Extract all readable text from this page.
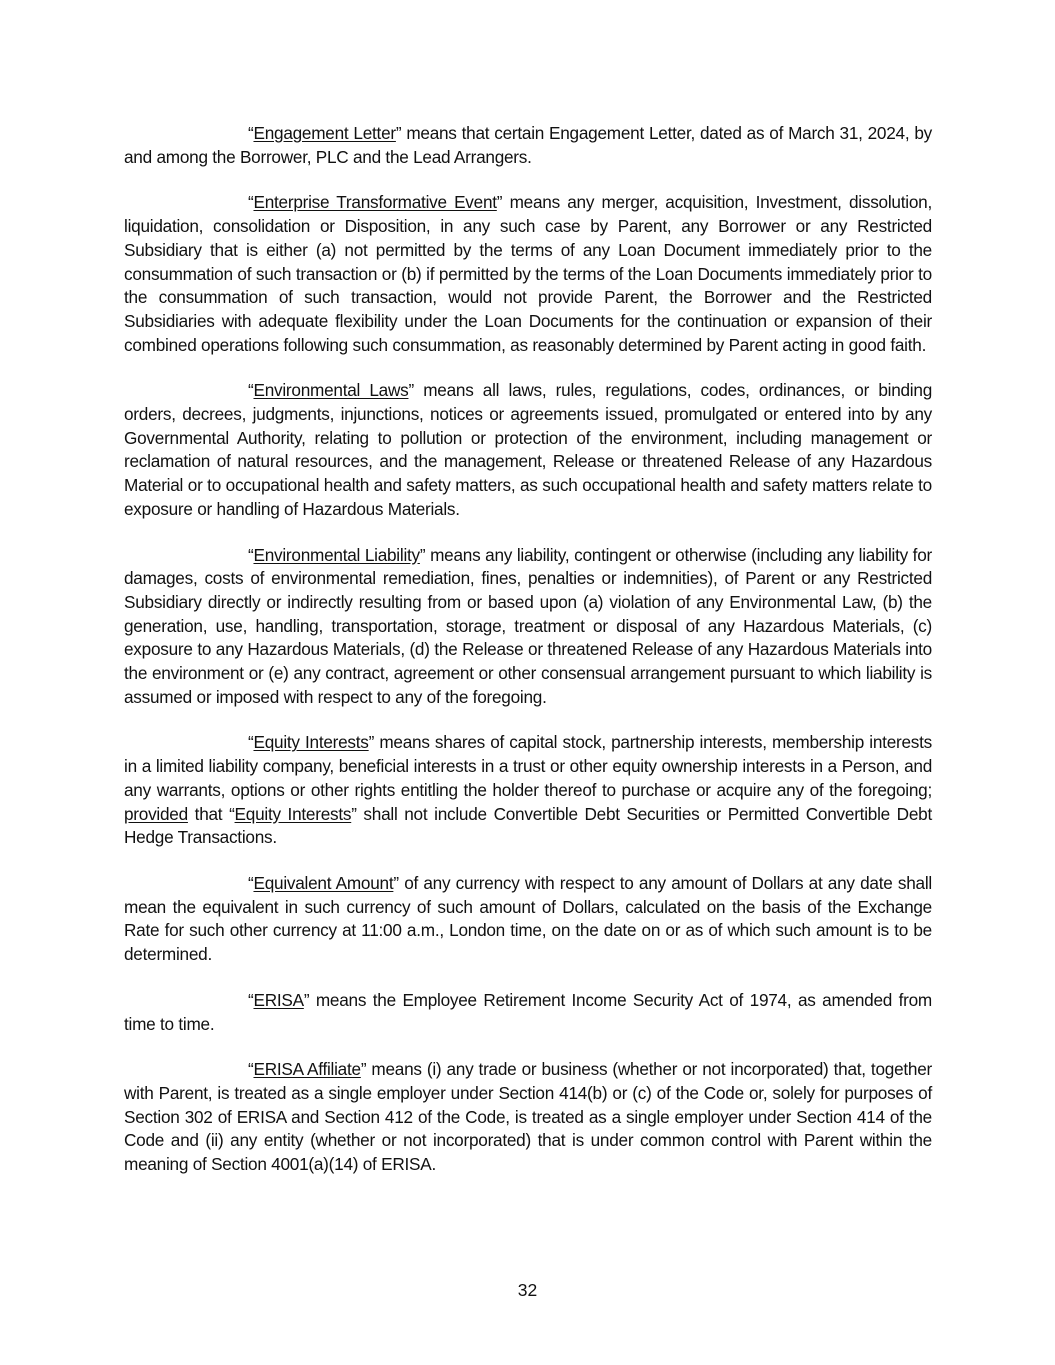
“Engagement Letter” means that certain Engagement Letter, dated as of March 31, 2024, by and among the Borrower, PLC and the Lead Arrangers.

“Enterprise Transformative Event” means any merger, acquisition, Investment, dissolution, liquidation, consolidation or Disposition, in any such case by Parent, any Borrower or any Restricted Subsidiary that is either (a) not permitted by the terms of any Loan Document immediately prior to the consummation of such transaction or (b) if permitted by the terms of the Loan Documents immediately prior to the consummation of such transaction, would not provide Parent, the Borrower and the Restricted Subsidiaries with adequate flexibility under the Loan Documents for the continuation or expansion of their combined operations following such consummation, as reasonably determined by Parent acting in good faith.

“Environmental Laws” means all laws, rules, regulations, codes, ordinances, or binding orders, decrees, judgments, injunctions, notices or agreements issued, promulgated or entered into by any Governmental Authority, relating to pollution or protection of the environment, including management or reclamation of natural resources, and the management, Release or threatened Release of any Hazardous Material or to occupational health and safety matters, as such occupational health and safety matters relate to exposure or handling of Hazardous Materials.

“Environmental Liability” means any liability, contingent or otherwise (including any liability for damages, costs of environmental remediation, fines, penalties or indemnities), of Parent or any Restricted Subsidiary directly or indirectly resulting from or based upon (a) violation of any Environmental Law, (b) the generation, use, handling, transportation, storage, treatment or disposal of any Hazardous Materials, (c) exposure to any Hazardous Materials, (d) the Release or threatened Release of any Hazardous Materials into the environment or (e) any contract, agreement or other consensual arrangement pursuant to which liability is assumed or imposed with respect to any of the foregoing.

“Equity Interests” means shares of capital stock, partnership interests, membership interests in a limited liability company, beneficial interests in a trust or other equity ownership interests in a Person, and any warrants, options or other rights entitling the holder thereof to purchase or acquire any of the foregoing; provided that “Equity Interests” shall not include Convertible Debt Securities or Permitted Convertible Debt Hedge Transactions.

“Equivalent Amount” of any currency with respect to any amount of Dollars at any date shall mean the equivalent in such currency of such amount of Dollars, calculated on the basis of the Exchange Rate for such other currency at 11:00 a.m., London time, on the date on or as of which such amount is to be determined.

“ERISA” means the Employee Retirement Income Security Act of 1974, as amended from time to time.

“ERISA Affiliate” means (i) any trade or business (whether or not incorporated) that, together with Parent, is treated as a single employer under Section 414(b) or (c) of the Code or, solely for purposes of Section 302 of ERISA and Section 412 of the Code, is treated as a single employer under Section 414 of the Code and (ii) any entity (whether or not incorporated) that is under common control with Parent within the meaning of Section 4001(a)(14) of ERISA.

32
